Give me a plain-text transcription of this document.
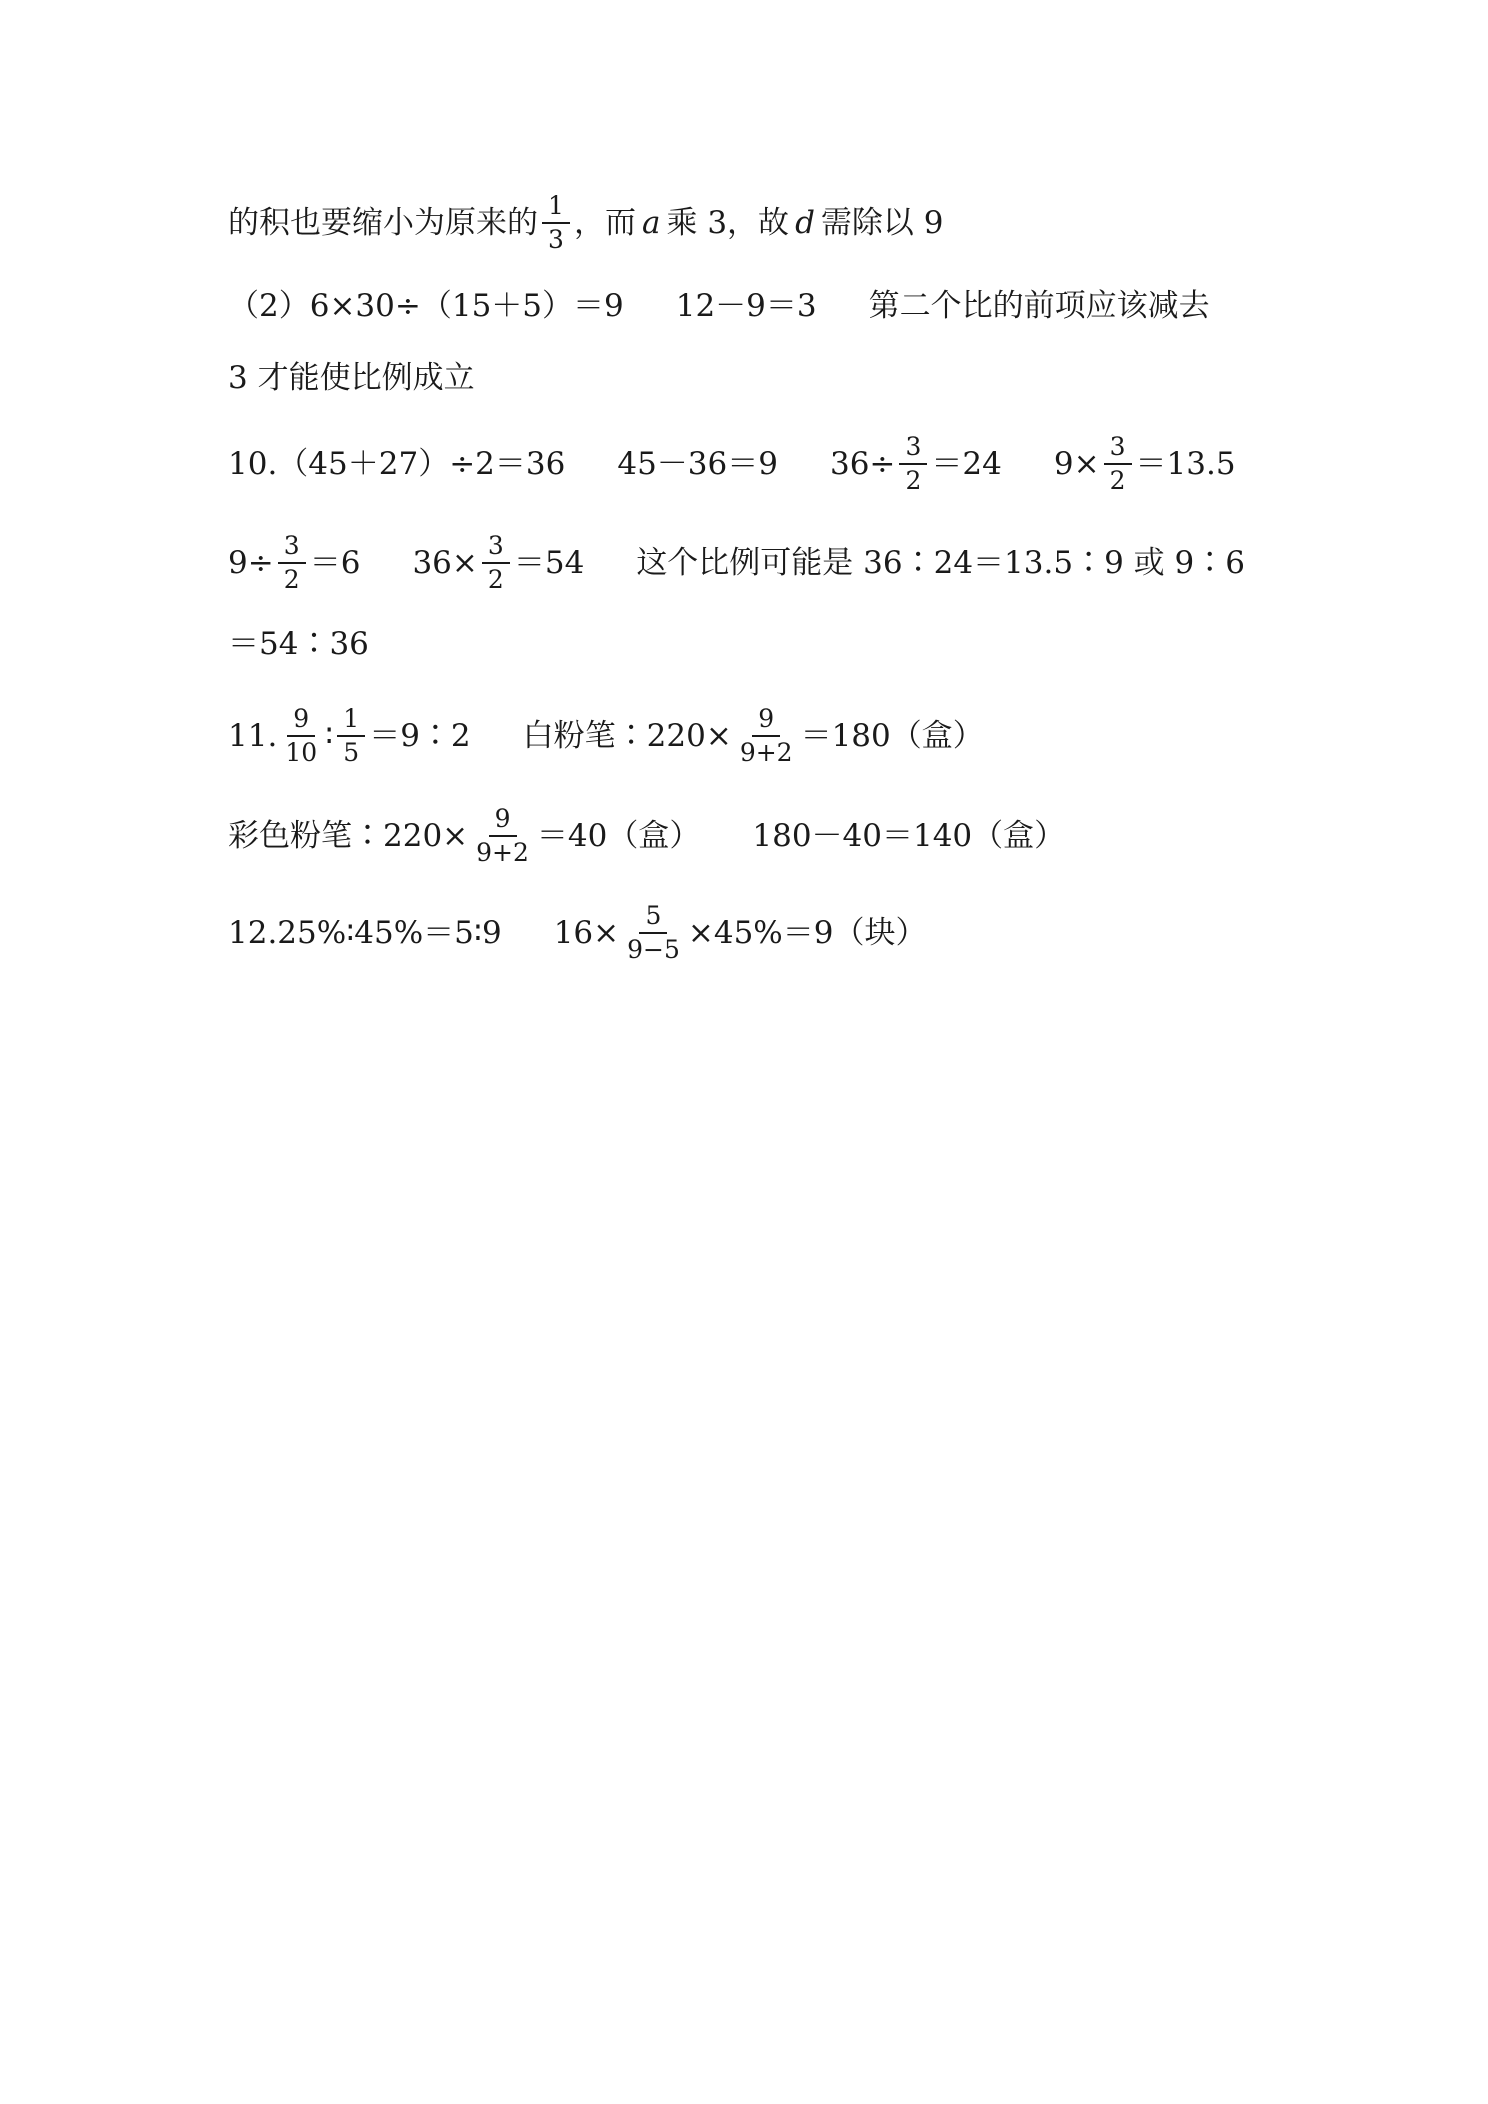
的积也要缩小为原来的 $\frac{1}{3}$ ，而 a 乘 3，故 d 需除以 9
（2）6×30÷（15＋5）＝9 12－9＝3 第二个比的前项应该减去
3 才能使比例成立
10.（45＋27）÷2＝36 45－36＝9 $36\div \frac{3}{2} =24$ $9\times \frac{3}{2} =13.5$
$9\div \frac{3}{2} =6$ $36\times \frac{3}{2} =54$ 这个比例可能是 36∶24＝13.5∶9 或 9∶6
＝54∶36
11. $\frac{9}{10}$ ∶ $\frac{1}{5}$ ＝9∶2 白粉笔∶220× $\frac{9}{9+2} =180$（盒）
彩色粉笔∶220× $\frac{9}{9+2} =40$（盒） 180－40＝140（盒）
12.25%∶45%＝5∶9 $16\times \frac{5}{9-5} \times 45\%=9$（块）
